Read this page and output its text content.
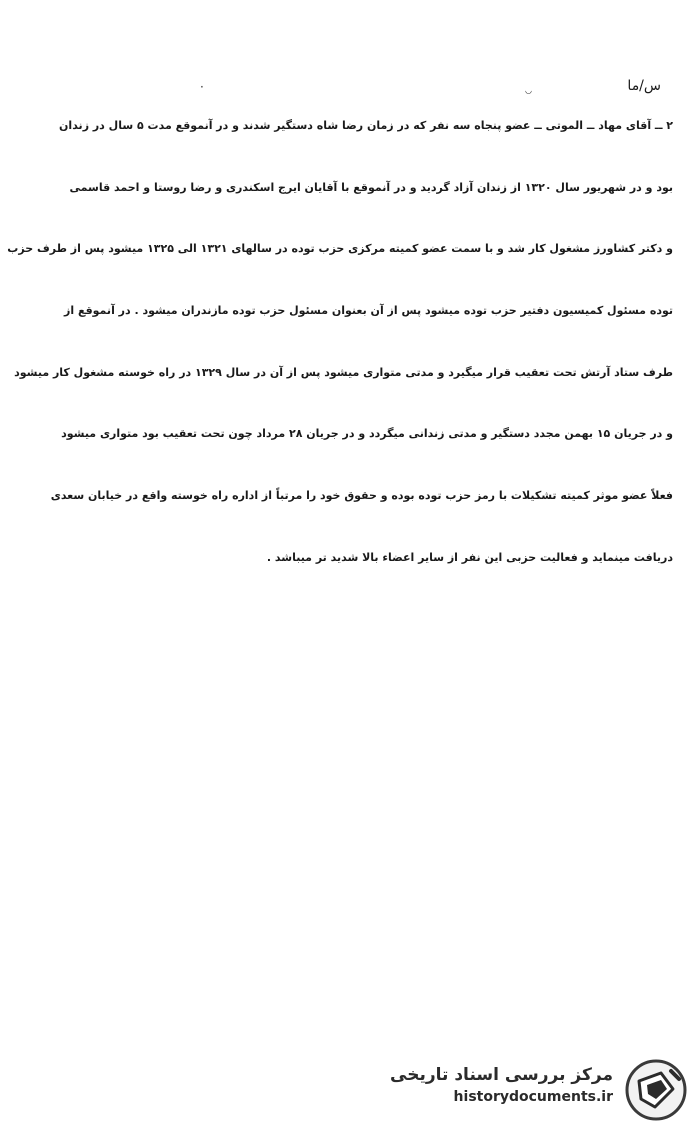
س/ما
·	◡
۲ ــ آقای مهاد ــ الموتی ــ عضو پنجاه سه نفر که در زمان رضا شاه دستگیر شدند و در آنموقع مدت ۵ سال در زندان
بود و در شهریور سال ۱۳۲۰ از زندان آزاد گردید و در آنموقع با آقایان ایرج اسکندری و رضا روستا و احمد قاسمی
و دکتر کشاورز مشغول کار شد و با سمت عضو کمیته مرکزی حزب توده در سالهای ۱۳۲۱ الی ۱۳۲۵ میشود پس از طرف حزب
توده مسئول کمیسیون دفتیر حزب توده میشود پس از آن بعنوان مسئول حزب توده مازندران میشود . در آنموقع از
طرف ستاد آرتش تحت تعقیب قرار میگیرد و مدتی متواری میشود پس از آن در سال ۱۳۲۹ در راه خوسته مشغول کار میشود
و در جریان ۱۵ بهمن مجدد دستگیر و مدتی زندانی میگردد و در جریان ۲۸ مرداد چون تحت تعقیب بود متواری میشود
فعلاً عضو موثر کمیته تشکیلات با رمز حزب توده بوده و حقوق خود را مرتباً از اداره راه خوسته واقع در خیابان سعدی
دریافت مینماید و فعالیت حزبی این نفر از سایر اعضاء بالا شدید تر میباشد .
مرکز بررسی اسناد تاریخی
historydocuments.ir
